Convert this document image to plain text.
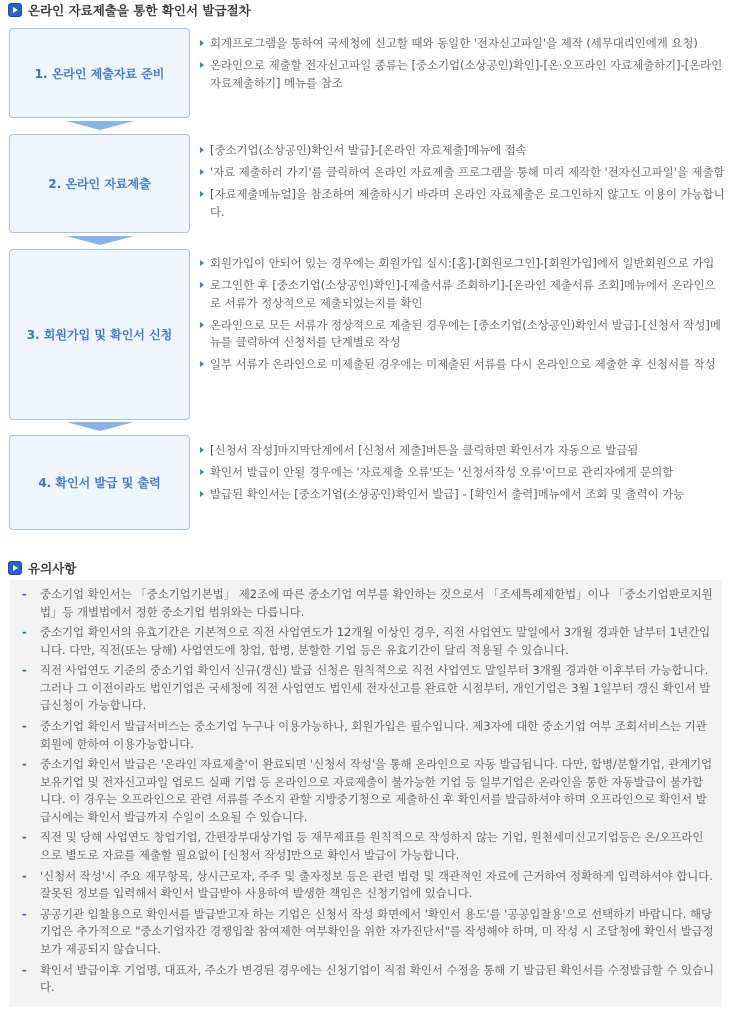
온라인 자료제출을 통한 확인서 발급절차
1. 온라인 제출자료 준비
회계프로그램을 통하여 국세청에 신고할 때와 동일한 '전자신고파일'을 제작 (세무대리인에게 요청)
온라인으로 제출할 전자신고파일 종류는 [중소기업(소상공인)확인]-[온·오프라인 자료제출하기]-[온라인 자료제출하기] 메뉴를 참조
2. 온라인 자료제출
[중소기업(소상공인)확인서 발급]-[온라인 자료제출]메뉴에 접속
'자료 제출하러 가기'를 클릭하여 온라인 자료제출 프로그램을 통해 미리 제작한 '전자신고파일'을 제출함
[자료제출메뉴얼]을 참조하여 제출하시기 바라며 온라인 자료제출은 로그인하지 않고도 이용이 가능합니다.
3. 회원가입 및 확인서 신청
회원가입이 안되어 있는 경우에는 회원가입 실시:[홈]-[회원로그인]-[회원가입]에서 일반회원으로 가입
로그인한 후 [중소기업(소상공인)확인]-[제출서류 조회하기]-[온라인 제출서류 조회]메뉴에서 온라인으로 서류가 정상적으로 제출되었는지를 확인
온라인으로 모든 서류가 정상적으로 제출된 경우에는 [중소기업(소상공인)확인서 발급]-[신청서 작성]메뉴를 클릭하여 신청서를 단계별로 작성
일부 서류가 온라인으로 미제출된 경우에는 미제출된 서류를 다시 온라인으로 제출한 후 신청서를 작성
4. 확인서 발급 및 출력
[신청서 작성]마지막단계에서 [신청서 제출]버튼을 클릭하면 확인서가 자동으로 발급됨
확인서 발급이 안될 경우에는 '자료제출 오류'또는 '신청서작성 오류'이므로 관리자에게 문의함
발급된 확인서는 [중소기업(소상공인)확인서 발급] - [확인서 출력]메뉴에서 조회 및 출력이 가능
유의사항
- 중소기업 확인서는 「중소기업기본법」 제2조에 따른 중소기업 여부를 확인하는 것으로서 「조세특례제한법」이나 「중소기업판로지원법」등 개별법에서 정한 중소기업 범위와는 다릅니다.
- 중소기업 확인서의 유효기간은 기본적으로 직전 사업연도가 12개월 이상인 경우, 직전 사업연도 말일에서 3개월 경과한 날부터 1년간입니다. 다만, 직전(또는 당해) 사업연도에 창업, 합병, 분할한 기업 등은 유효기간이 달리 적용될 수 있습니다.
- 직전 사업연도 기준의 중소기업 확인서 신규(갱신) 발급 신청은 원칙적으로 직전 사업연도 말일부터 3개월 경과한 이후부터 가능합니다. 그러나 그 이전이라도 법인기업은 국세청에 직전 사업연도 법인세 전자신고를 완료한 시점부터, 개인기업은 3월 1일부터 갱신 확인서 발급신청이 가능합니다.
- 중소기업 확인서 발급서비스는 중소기업 누구나 이용가능하나, 회원가입은 필수입니다. 제3자에 대한 중소기업 여부 조회서비스는 기관회원에 한하여 이용가능합니다.
- 중소기업 확인서 발급은 '온라인 자료제출'이 완료되면 '신청서 작성'을 통해 온라인으로 자동 발급됩니다. 다만, 합병/분할기업, 관계기업 보유기업 및 전자신고파일 업로드 실패 기업 등 온라인으로 자료제출이 불가능한 기업 등 일부기업은 온라인을 통한 자동발급이 불가합니다. 이 경우는 오프라인으로 관련 서류를 주소지 관할 지방중기청으로 제출하신 후 확인서를 발급하셔야 하며 오프라인으로 확인서 발급시에는 확인서 발급까지 수일이 소요될 수 있습니다.
- 직전 및 당해 사업연도 창업기업, 간편장부대상기업 등 재무제표를 원칙적으로 작성하지 않는 기업, 원천세미신고기업등은 온/오프라인으로 별도로 자료를 제출할 필요없이 [신청서 작성]만으로 확인서 발급이 가능합니다.
- '신청서 작성'시 주요 재무항목, 상시근로자, 주주 및 출자정보 등은 관련 법령 및 객관적인 자료에 근거하여 정확하게 입력하셔야 합니다. 잘못된 정보를 입력해서 확인서 발급받아 사용하여 발생한 책임은 신청기업에 있습니다.
- 공공기관 입찰용으로 확인서를 발급받고자 하는 기업은 신청서 작성 화면에서 '확인서 용도'를 '공공입찰용'으로 선택하기 바랍니다. 해당 기업은 추가적으로 "중소기업자간 경쟁입찰 참여제한 여부확인을 위한 자가진단서"를 작성해야 하며, 미 작성 시 조달청에 확인서 발급정보가 제공되지 않습니다.
- 확인서 발급이후 기업명, 대표자, 주소가 변경된 경우에는 신청기업이 직접 확인서 수정을 통해 기 발급된 확인서를 수정발급할 수 있습니다.
